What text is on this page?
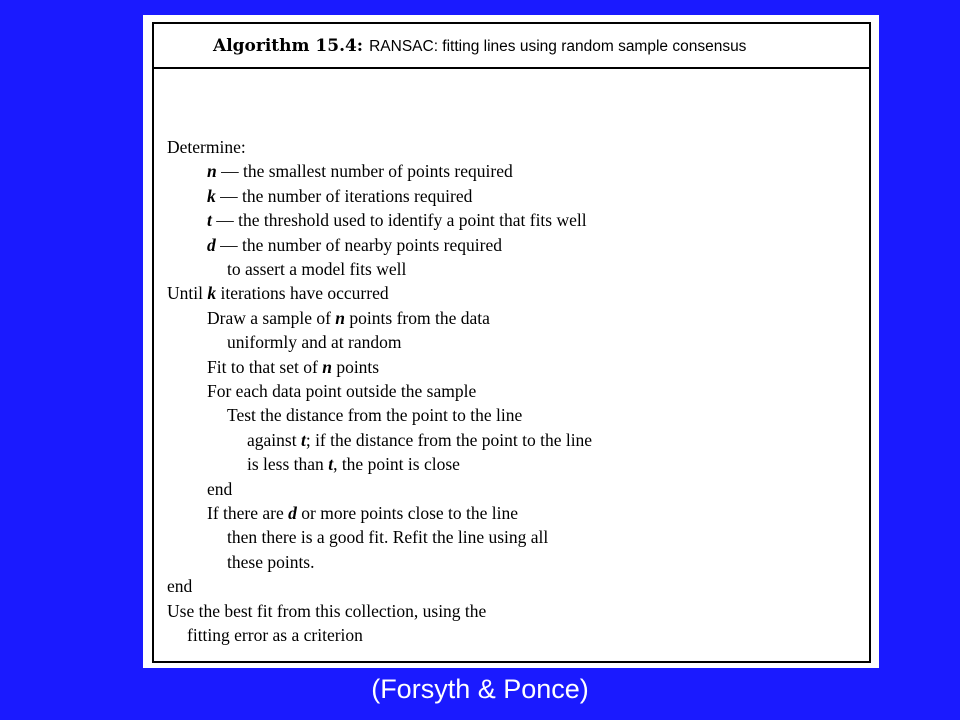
Algorithm 15.4: RANSAC: fitting lines using random sample consensus
Determine:
n — the smallest number of points required
k — the number of iterations required
t — the threshold used to identify a point that fits well
d — the number of nearby points required
to assert a model fits well
Until k iterations have occurred
Draw a sample of n points from the data
uniformly and at random
Fit to that set of n points
For each data point outside the sample
Test the distance from the point to the line
against t; if the distance from the point to the line
is less than t, the point is close
end
If there are d or more points close to the line
then there is a good fit. Refit the line using all
these points.
end
Use the best fit from this collection, using the
fitting error as a criterion
(Forsyth & Ponce)
